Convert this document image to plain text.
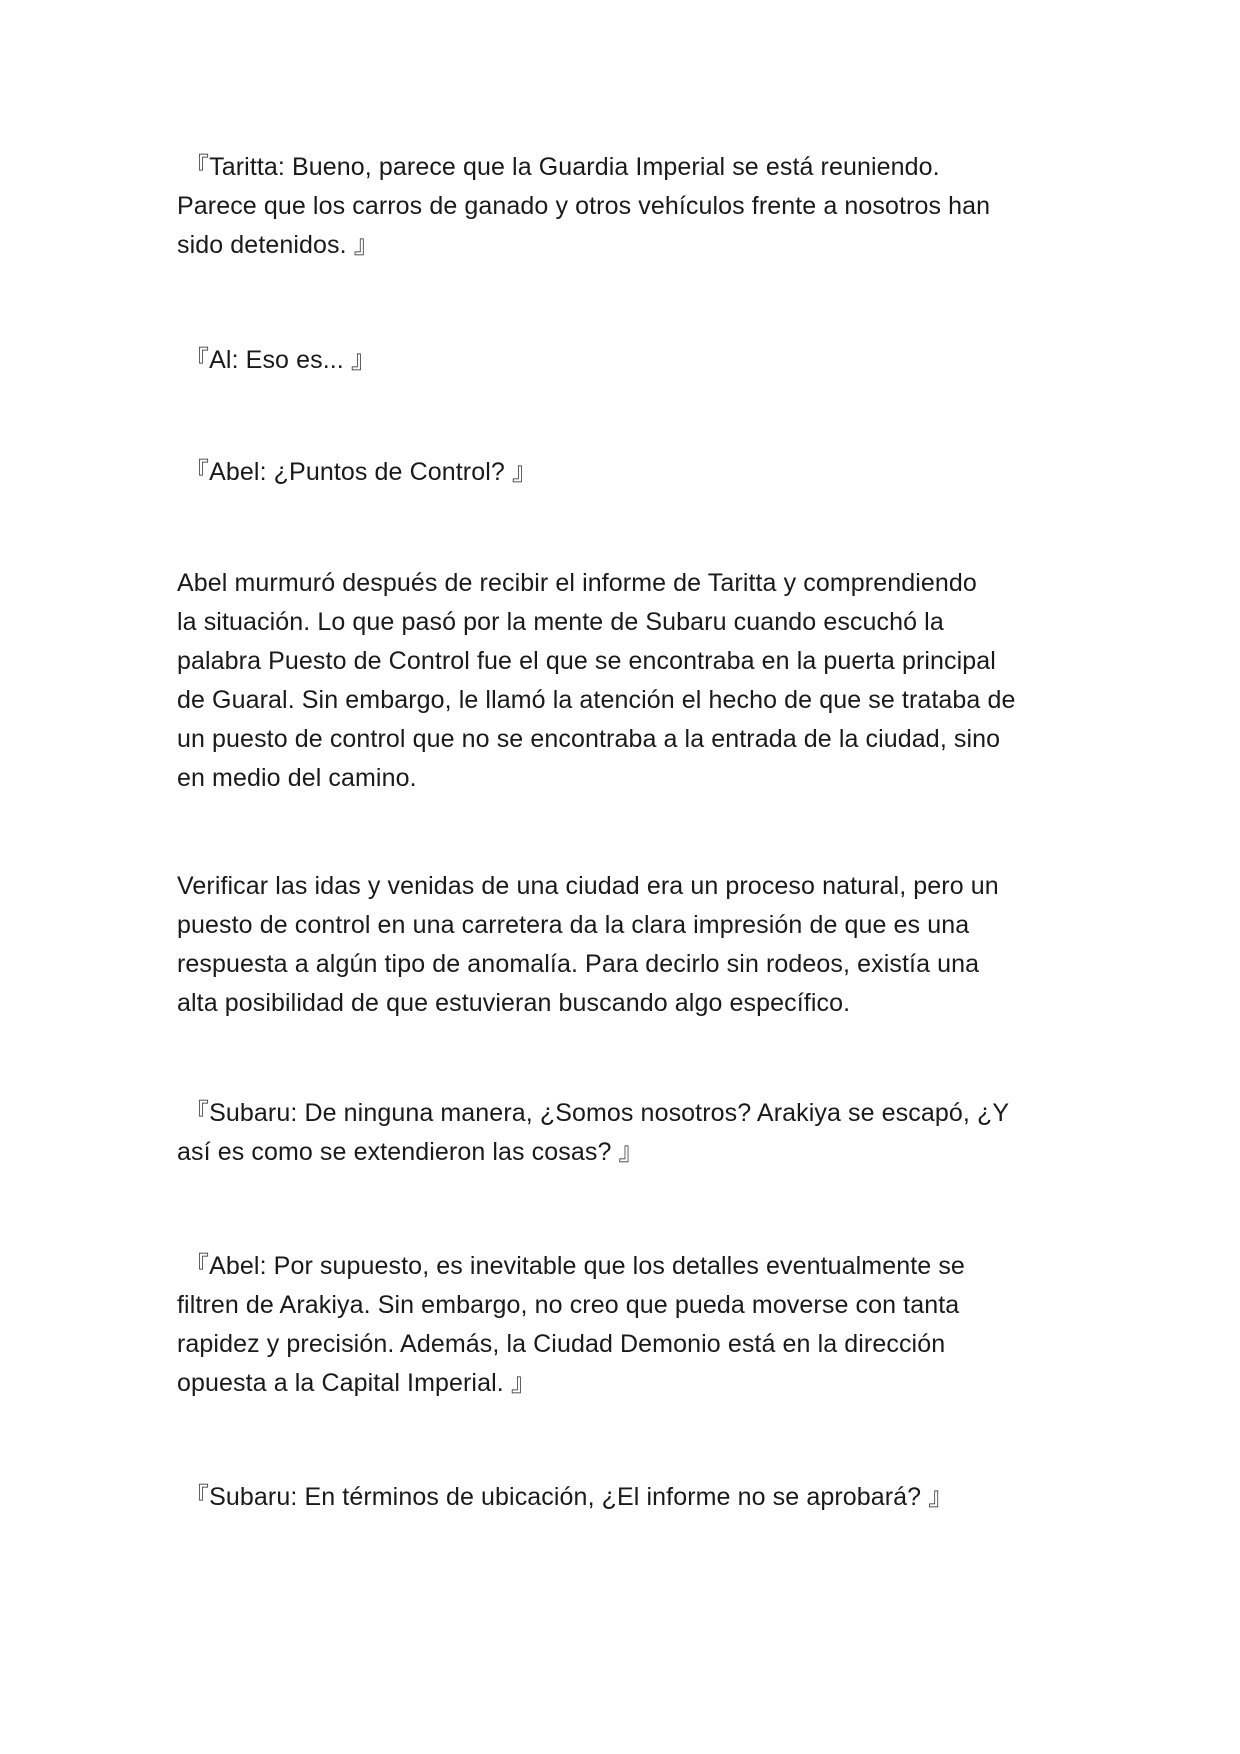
『Taritta: Bueno, parece que la Guardia Imperial se está reuniendo.
Parece que los carros de ganado y otros vehículos frente a nosotros han
sido detenidos. 』

『Al: Eso es... 』

『Abel: ¿Puntos de Control? 』

Abel murmuró después de recibir el informe de Taritta y comprendiendo
la situación. Lo que pasó por la mente de Subaru cuando escuchó la
palabra Puesto de Control fue el que se encontraba en la puerta principal
de Guaral. Sin embargo, le llamó la atención el hecho de que se trataba de
un puesto de control que no se encontraba a la entrada de la ciudad, sino
en medio del camino.

Verificar las idas y venidas de una ciudad era un proceso natural, pero un
puesto de control en una carretera da la clara impresión de que es una
respuesta a algún tipo de anomalía. Para decirlo sin rodeos, existía una
alta posibilidad de que estuvieran buscando algo específico.

『Subaru: De ninguna manera, ¿Somos nosotros? Arakiya se escapó, ¿Y
así es como se extendieron las cosas? 』

『Abel: Por supuesto, es inevitable que los detalles eventualmente se
filtren de Arakiya. Sin embargo, no creo que pueda moverse con tanta
rapidez y precisión. Además, la Ciudad Demonio está en la dirección
opuesta a la Capital Imperial. 』

『Subaru: En términos de ubicación, ¿El informe no se aprobará? 』
